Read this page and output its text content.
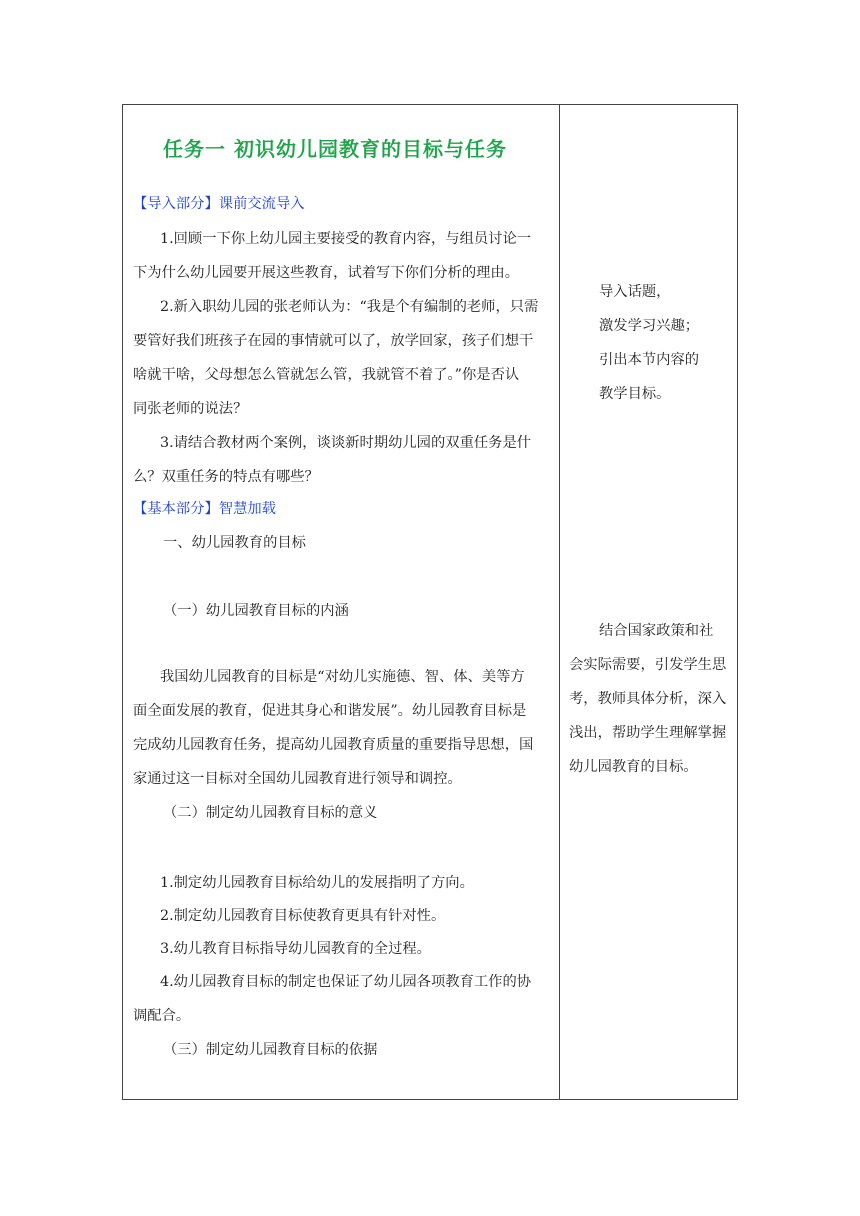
任务一 初识幼儿园教育的目标与任务
【导入部分】课前交流导入
1.回顾一下你上幼儿园主要接受的教育内容，与组员讨论一
下为什么幼儿园要开展这些教育，试着写下你们分析的理由。
2.新入职幼儿园的张老师认为：“我是个有编制的老师，只需
要管好我们班孩子在园的事情就可以了，放学回家，孩子们想干
啥就干啥，父母想怎么管就怎么管，我就管不着了。”你是否认
同张老师的说法？
3.请结合教材两个案例，谈谈新时期幼儿园的双重任务是什
么？双重任务的特点有哪些？
【基本部分】智慧加载
一、幼儿园教育的目标
（一）幼儿园教育目标的内涵
我国幼儿园教育的目标是“对幼儿实施德、智、体、美等方
面全面发展的教育，促进其身心和谐发展”。幼儿园教育目标是
完成幼儿园教育任务，提高幼儿园教育质量的重要指导思想，国
家通过这一目标对全国幼儿园教育进行领导和调控。
（二）制定幼儿园教育目标的意义
1.制定幼儿园教育目标给幼儿的发展指明了方向。
2.制定幼儿园教育目标使教育更具有针对性。
3.幼儿教育目标指导幼儿园教育的全过程。
4.幼儿园教育目标的制定也保证了幼儿园各项教育工作的协
调配合。
（三）制定幼儿园教育目标的依据
导入话题，
激发学习兴趣；
引出本节内容的
教学目标。
结合国家政策和社
会实际需要，引发学生思
考，教师具体分析，深入
浅出，帮助学生理解掌握
幼儿园教育的目标。
